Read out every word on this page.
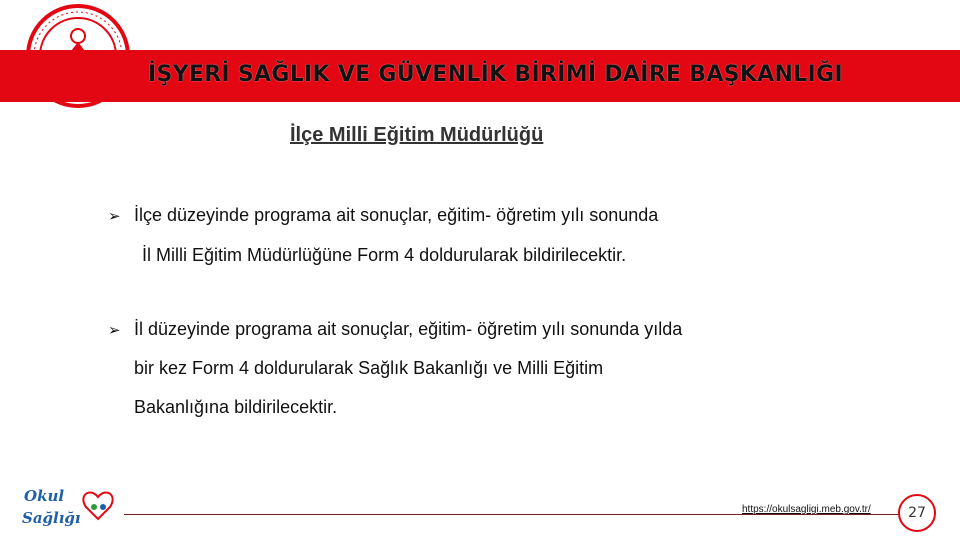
İŞYERİ SAĞLIK VE GÜVENLİK BİRİMİ DAİRE BAŞKANLIĞI
İlçe Milli Eğitim Müdürlüğü
➢ İlçe düzeyinde programa ait sonuçlar, eğitim- öğretim yılı sonunda
İl Milli Eğitim Müdürlüğüne Form 4 doldurularak bildirilecektir.
➢ İl düzeyinde programa ait sonuçlar, eğitim- öğretim yılı sonunda yılda
bir kez Form 4 doldurularak Sağlık Bakanlığı ve Milli Eğitim
Bakanlığına bildirilecektir.
Okul
Sağlığı	https://okulsagligi.meb.gov.tr/	27
